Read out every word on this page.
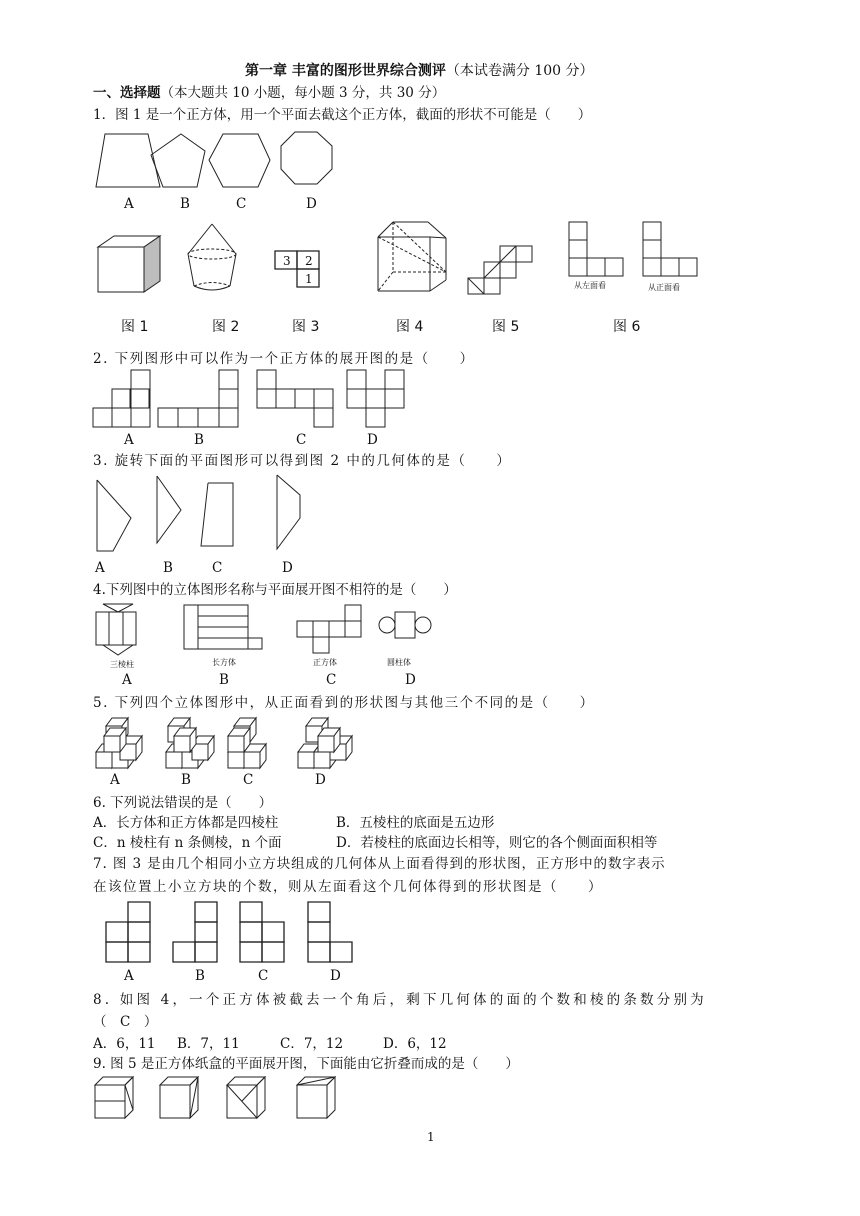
第一章 丰富的图形世界综合测评（本试卷满分 100 分）
一、选择题（本大题共 10 小题，每小题 3 分，共 30 分）
1．图 1 是一个正方体，用一个平面去截这个正方体，截面的形状不可能是（　　）
A	B	C	D
3 2
1	从左面看	从正面看
图 1	图 2	图 3	图 4	图 5	图 6
2. 下列图形中可以作为一个正方体的展开图的是（　　）
A	B	C	D
3. 旋转下面的平面图形可以得到图 2 中的几何体的是（　　）
A	B	C	D
4.下列图中的立体图形名称与平面展开图不相符的是（　　）
三棱柱	长方体	正方体	圆柱体
A	B	C	D
5. 下列四个立体图形中，从正面看到的形状图与其他三个不同的是（　　）
A	B	C	D
6. 下列说法错误的是（　　）
A．长方体和正方体都是四棱柱	B．五棱柱的底面是五边形
C．n 棱柱有 n 条侧棱，n 个面	D．若棱柱的底面边长相等，则它的各个侧面面积相等
7. 图 3 是由几个相同小立方块组成的几何体从上面看得到的形状图，正方形中的数字表示
在该位置上小立方块的个数，则从左面看这个几何体得到的形状图是（　　）
A	B	C	D
8. 如图 4，一个正方体被截去一个角后，剩下几何体的面的个数和棱的条数分别为
（　C　）
A．6，11 B．7，11	C．7，12	D．6，12
9. 图 5 是正方体纸盒的平面展开图，下面能由它折叠而成的是（　　）
1
